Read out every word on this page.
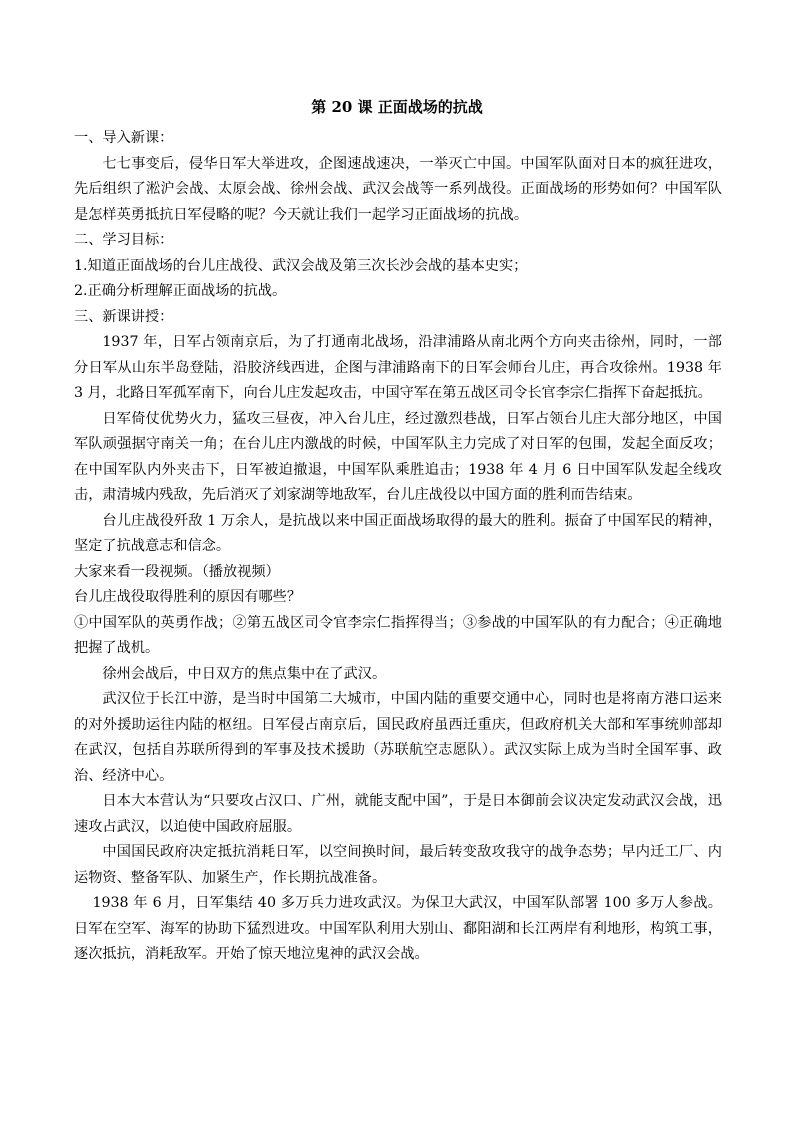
第 20 课 正面战场的抗战

一、导入新课：

七七事变后，侵华日军大举进攻，企图速战速决，一举灭亡中国。中国军队面对日本的疯狂进攻，先后组织了淞沪会战、太原会战、徐州会战、武汉会战等一系列战役。正面战场的形势如何？中国军队是怎样英勇抵抗日军侵略的呢？今天就让我们一起学习正面战场的抗战。

二、学习目标：

1.知道正面战场的台儿庄战役、武汉会战及第三次长沙会战的基本史实；

2.正确分析理解正面战场的抗战。

三、新课讲授：

1937 年，日军占领南京后，为了打通南北战场，沿津浦路从南北两个方向夹击徐州，同时，一部分日军从山东半岛登陆，沿胶济线西进，企图与津浦路南下的日军会师台儿庄，再合攻徐州。1938 年 3 月，北路日军孤军南下，向台儿庄发起攻击，中国守军在第五战区司令长官李宗仁指挥下奋起抵抗。

日军倚仗优势火力，猛攻三昼夜，冲入台儿庄，经过激烈巷战，日军占领台儿庄大部分地区，中国军队顽强据守南关一角；在台儿庄内激战的时候，中国军队主力完成了对日军的包围，发起全面反攻；在中国军队内外夹击下，日军被迫撤退，中国军队乘胜追击；1938 年 4 月 6 日中国军队发起全线攻击，肃清城内残敌，先后消灭了刘家湖等地敌军，台儿庄战役以中国方面的胜利而告结束。

台儿庄战役歼敌 1 万余人，是抗战以来中国正面战场取得的最大的胜利。振奋了中国军民的精神，坚定了抗战意志和信念。

大家来看一段视频。（播放视频）

台儿庄战役取得胜利的原因有哪些？

①中国军队的英勇作战；②第五战区司令官李宗仁指挥得当；③参战的中国军队的有力配合；④正确地把握了战机。

徐州会战后，中日双方的焦点集中在了武汉。

武汉位于长江中游，是当时中国第二大城市，中国内陆的重要交通中心，同时也是将南方港口运来的对外援助运往内陆的枢纽。日军侵占南京后，国民政府虽西迁重庆，但政府机关大部和军事统帅部却在武汉，包括自苏联所得到的军事及技术援助（苏联航空志愿队）。武汉实际上成为当时全国军事、政治、经济中心。

日本大本营认为“只要攻占汉口、广州，就能支配中国”，于是日本御前会议决定发动武汉会战，迅速攻占武汉，以迫使中国政府屈服。

中国国民政府决定抵抗消耗日军，以空间换时间，最后转变敌攻我守的战争态势；早内迁工厂、内运物资、整备军队、加紧生产，作长期抗战准备。

1938 年 6 月，日军集结 40 多万兵力进攻武汉。为保卫大武汉，中国军队部署 100 多万人参战。日军在空军、海军的协助下猛烈进攻。中国军队利用大别山、鄱阳湖和长江两岸有利地形，构筑工事，逐次抵抗，消耗敌军。开始了惊天地泣鬼神的武汉会战。
